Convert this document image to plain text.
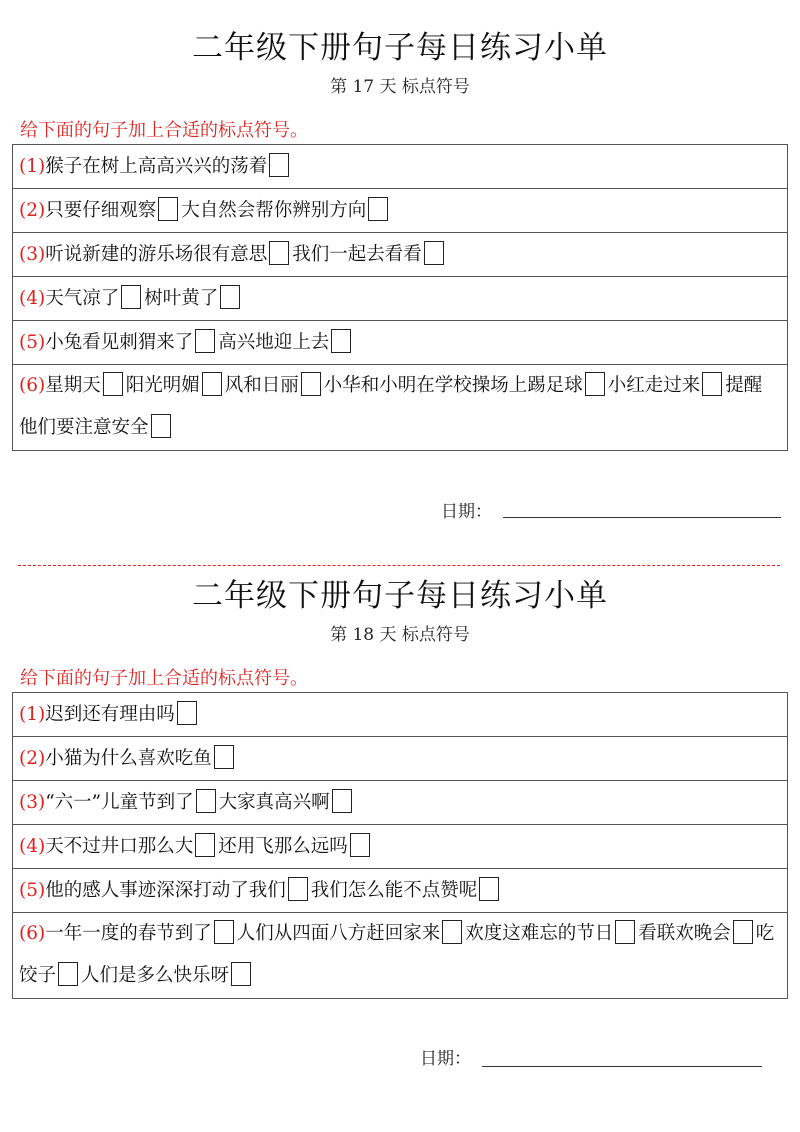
二年级下册句子每日练习小单
第 17 天 标点符号
给下面的句子加上合适的标点符号。
(1)猴子在树上高高兴兴的荡着
(2)只要仔细观察 大自然会帮你辨别方向
(3)听说新建的游乐场很有意思 我们一起去看看
(4)天气凉了 树叶黄了
(5)小兔看见刺猬来了 高兴地迎上去
(6)星期天 阳光明媚 风和日丽 小华和小明在学校操场上踢足球 小红走过来 提醒他们要注意安全
日期：
二年级下册句子每日练习小单
第 18 天 标点符号
给下面的句子加上合适的标点符号。
(1)迟到还有理由吗
(2)小猫为什么喜欢吃鱼
(3)“六一”儿童节到了 大家真高兴啊
(4)天不过井口那么大 还用飞那么远吗
(5)他的感人事迹深深打动了我们 我们怎么能不点赞呢
(6)一年一度的春节到了 人们从四面八方赶回家来 欢度这难忘的节日 看联欢晚会 吃饺子 人们是多么快乐呀
日期：
